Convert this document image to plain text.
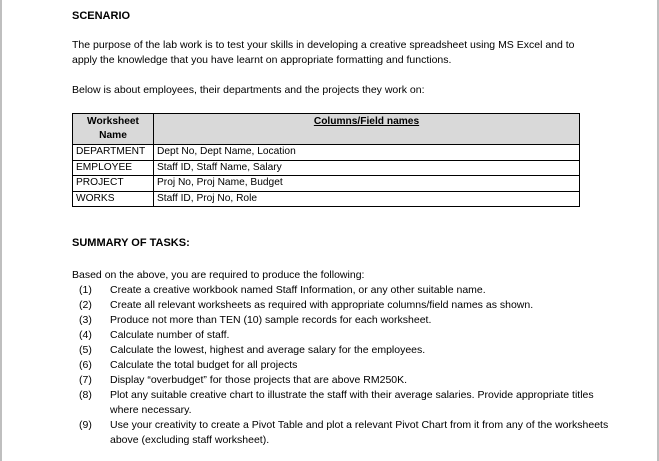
SCENARIO
The purpose of the lab work is to test your skills in developing a creative spreadsheet using MS Excel and to
apply the knowledge that you have learnt on appropriate formatting and functions.
Below is about employees, their departments and the projects they work on:
Worksheet Name	Columns/Field names
DEPARTMENT	Dept No, Dept Name, Location
EMPLOYEE	Staff ID, Staff Name, Salary
PROJECT	Proj No, Proj Name, Budget
WORKS	Staff ID, Proj No, Role
SUMMARY OF TASKS:
Based on the above, you are required to produce the following:
(1)	Create a creative workbook named Staff Information, or any other suitable name.
(2)	Create all relevant worksheets as required with appropriate columns/field names as shown.
(3)	Produce not more than TEN (10) sample records for each worksheet.
(4)	Calculate number of staff.
(5)	Calculate the lowest, highest and average salary for the employees.
(6)	Calculate the total budget for all projects
(7)	Display “overbudget” for those projects that are above RM250K.
(8)	Plot any suitable creative chart to illustrate the staff with their average salaries. Provide appropriate titles where necessary.
(9)	Use your creativity to create a Pivot Table and plot a relevant Pivot Chart from it from any of the worksheets above (excluding staff worksheet).
